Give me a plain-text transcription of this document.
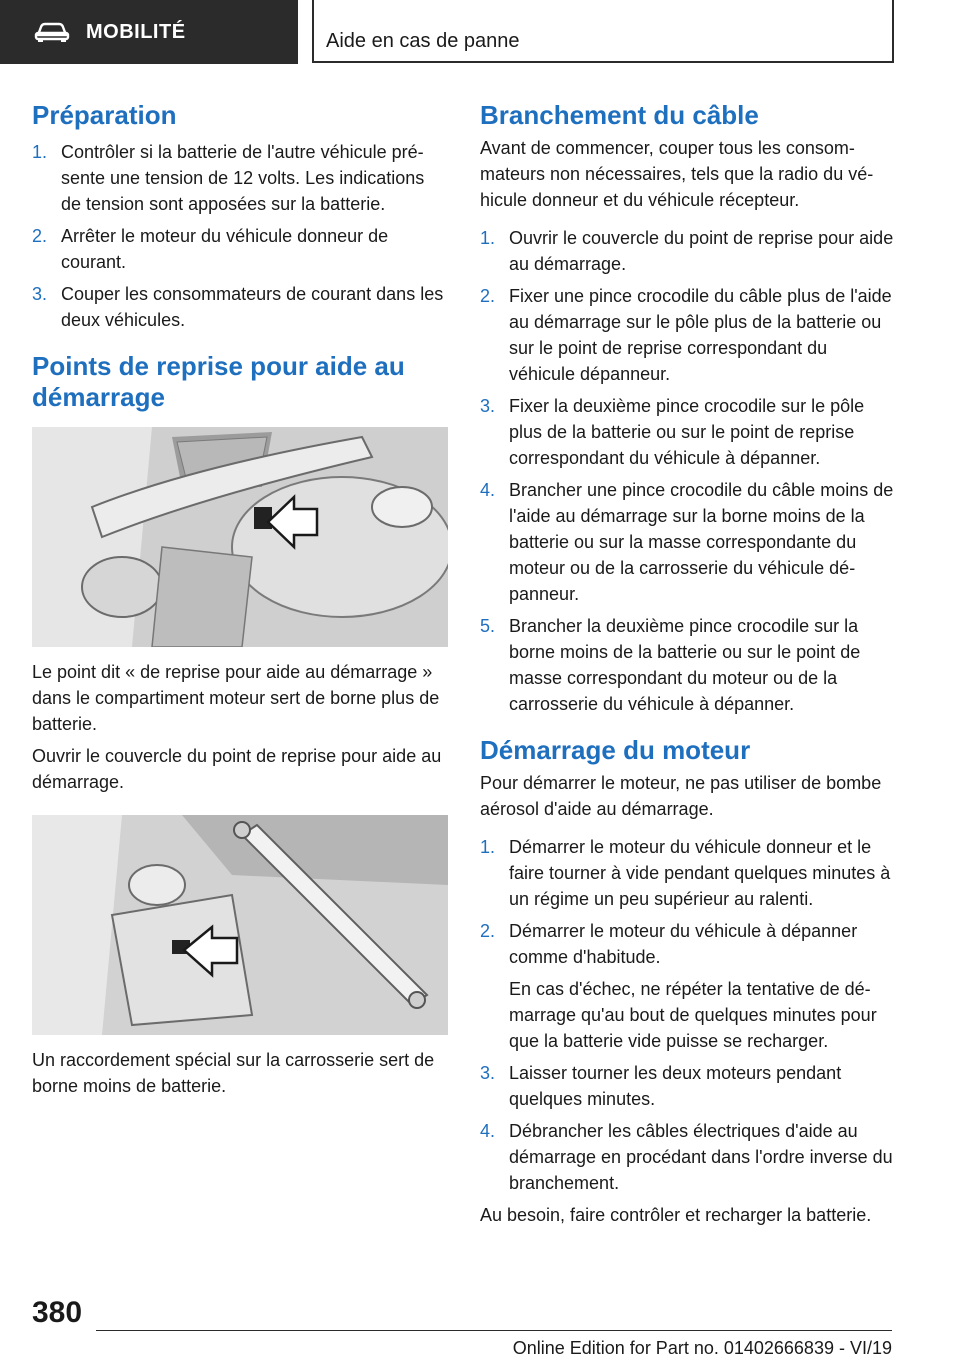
MOBILITÉ	Aide en cas de panne
Préparation
1. Contrôler si la batterie de l'autre véhicule présente une tension de 12 volts. Les indications de tension sont apposées sur la batterie.
2. Arrêter le moteur du véhicule donneur de courant.
3. Couper les consommateurs de courant dans les deux véhicules.
Points de reprise pour aide au démarrage

Le point dit « de reprise pour aide au démarrage » dans le compartiment moteur sert de borne plus de batterie.

Ouvrir le couvercle du point de reprise pour aide au démarrage.

Un raccordement spécial sur la carrosserie sert de borne moins de batterie.

Branchement du câble

Avant de commencer, couper tous les consommateurs non nécessaires, tels que la radio du véhicule donneur et du véhicule récepteur.

1. Ouvrir le couvercle du point de reprise pour aide au démarrage.
2. Fixer une pince crocodile du câble plus de l'aide au démarrage sur le pôle plus de la batterie ou sur le point de reprise correspondant du véhicule dépanneur.
3. Fixer la deuxième pince crocodile sur le pôle plus de la batterie ou sur le point de reprise correspondant du véhicule à dépanner.
4. Brancher une pince crocodile du câble moins de l'aide au démarrage sur la borne moins de la batterie ou sur la masse correspondante du moteur ou de la carrosserie du véhicule dépanneur.
5. Brancher la deuxième pince crocodile sur la borne moins de la batterie ou sur le point de masse correspondant du moteur ou de la carrosserie du véhicule à dépanner.
Démarrage du moteur

Pour démarrer le moteur, ne pas utiliser de bombe aérosol d'aide au démarrage.

1. Démarrer le moteur du véhicule donneur et le faire tourner à vide pendant quelques minutes à un régime un peu supérieur au ralenti.
2. Démarrer le moteur du véhicule à dépanner comme d'habitude.
En cas d'échec, ne répéter la tentative de démarrage qu'au bout de quelques minutes pour que la batterie vide puisse se recharger.
3. Laisser tourner les deux moteurs pendant quelques minutes.
4. Débrancher les câbles électriques d'aide au démarrage en procédant dans l'ordre inverse du branchement.

Au besoin, faire contrôler et recharger la batterie.

380
Online Edition for Part no. 01402666839 - VI/19
